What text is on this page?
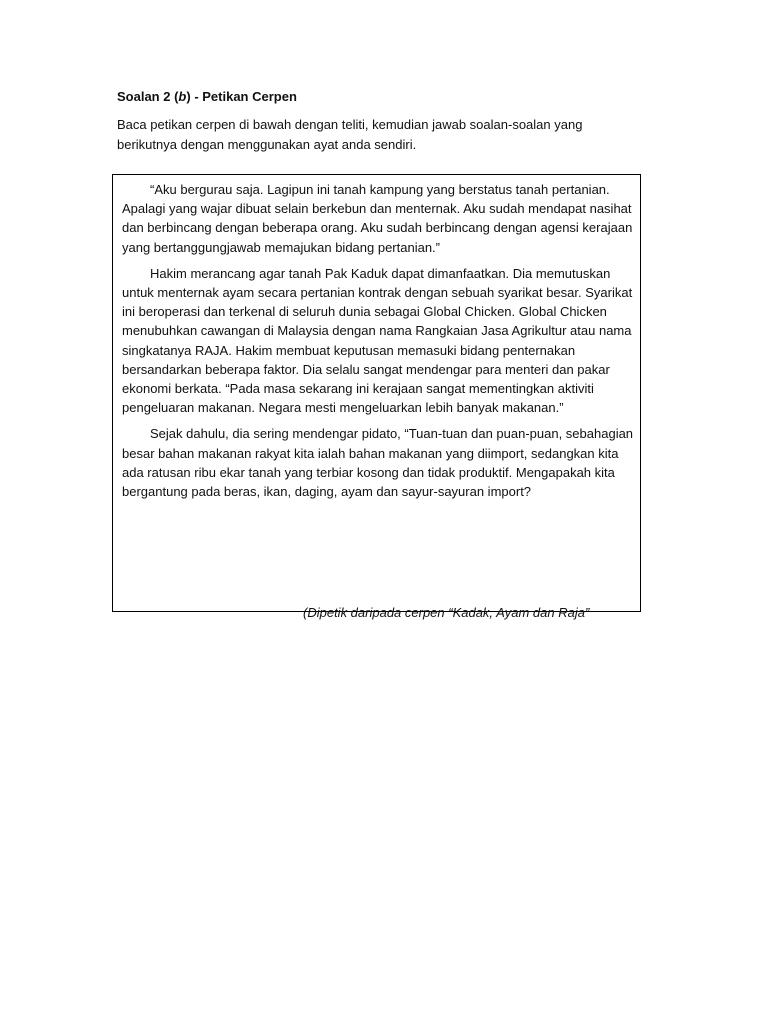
Soalan 2 (b) - Petikan Cerpen
Baca petikan cerpen di bawah dengan teliti, kemudian jawab soalan-soalan yang berikutnya dengan menggunakan ayat anda sendiri.

“Aku bergurau saja. Lagipun ini tanah kampung yang berstatus tanah pertanian. Apalagi yang wajar dibuat selain berkebun dan menternak. Aku sudah mendapat nasihat dan berbincang dengan beberapa orang. Aku sudah berbincang dengan agensi kerajaan yang bertanggungjawab memajukan bidang pertanian.”

Hakim merancang agar tanah Pak Kaduk dapat dimanfaatkan. Dia memutuskan untuk menternak ayam secara pertanian kontrak dengan sebuah syarikat besar. Syarikat ini beroperasi dan terkenal di seluruh dunia sebagai Global Chicken. Global Chicken menubuhkan cawangan di Malaysia dengan nama Rangkaian Jasa Agrikultur atau nama singkatanya RAJA. Hakim membuat keputusan memasuki bidang penternakan bersandarkan beberapa faktor. Dia selalu sangat mendengar para menteri dan pakar ekonomi berkata. “Pada masa sekarang ini kerajaan sangat mementingkan aktiviti pengeluaran makanan. Negara mesti mengeluarkan lebih banyak makanan.”

Sejak dahulu, dia sering mendengar pidato, “Tuan-tuan dan puan-puan, sebahagian besar bahan makanan rakyat kita ialah bahan makanan yang diimport, sedangkan kita ada ratusan ribu ekar tanah yang terbiar kosong dan tidak produktif. Mengapakah kita bergantung pada beras, ikan, daging, ayam dan sayur-sayuran import?

(Dipetik daripada cerpen “Kadak, Ayam dan Raja”
